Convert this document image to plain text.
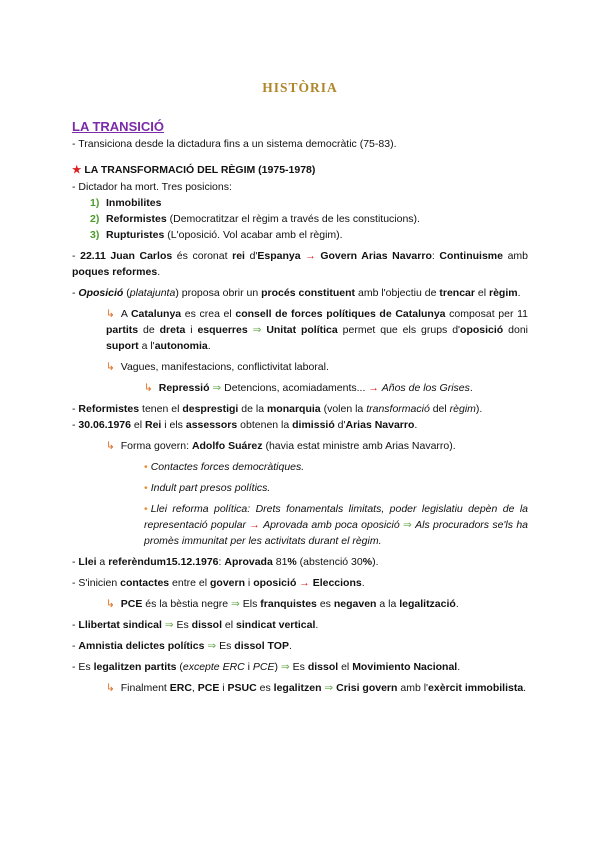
HISTÒRIA
LA TRANSICIÓ

- Transiciona desde la dictadura fins a un sistema democràtic (75-83).

★ LA TRANSFORMACIÓ DEL RÈGIM (1975-1978)

- Dictador ha mort. Tres posicions:

1) Inmobilites

2) Reformistes (Democratitzar el règim a través de les constitucions).

3) Rupturistes (L'oposició. Vol acabar amb el règim).

- 22.11 Juan Carlos és coronat rei d'Espanya → Govern Arias Navarro: Continuisme amb poques reformes.

- Oposició (platajunta) proposa obrir un procés constituent amb l'objectiu de trencar el règim.

↳ A Catalunya es crea el consell de forces polítiques de Catalunya composat per 11 partits de dreta i esquerres ⇒ Unitat política permet que els grups d'oposició doni suport a l'autonomia.

↳ Vagues, manifestacions, conflictivitat laboral.

↳ Repressió ⇒ Detencions, acomiadaments... → Años de los Grises.

- Reformistes tenen el desprestigi de la monarquia (volen la transformació del règim).

- 30.06.1976 el Rei i els assessors obtenen la dimissió d'Arias Navarro.

↳ Forma govern: Adolfo Suárez (havia estat ministre amb Arias Navarro).

• Contactes forces democràtiques.

• Indult part presos polítics.

• Llei reforma política: Drets fonamentals limitats, poder legislatiu depèn de la representació popular → Aprovada amb poca oposició ⇒ Als procuradors se'ls ha promès immunitat per les activitats durant el règim.

- Llei a referèndum15.12.1976: Aprovada 81% (abstenció 30%).

- S'inicien contactes entre el govern i oposició → Eleccions.

↳ PCE és la bèstia negre ⇒ Els franquistes es negaven a la legalització.

- Llibertat sindical ⇒ Es dissol el sindicat vertical.

- Amnistia delictes polítics ⇒ Es dissol TOP.

- Es legalitzen partits (excepte ERC i PCE) ⇒ Es dissol el Movimiento Nacional.

↳ Finalment ERC, PCE i PSUC es legalitzen ⇒ Crisi govern amb l'exèrcit immobilista.
